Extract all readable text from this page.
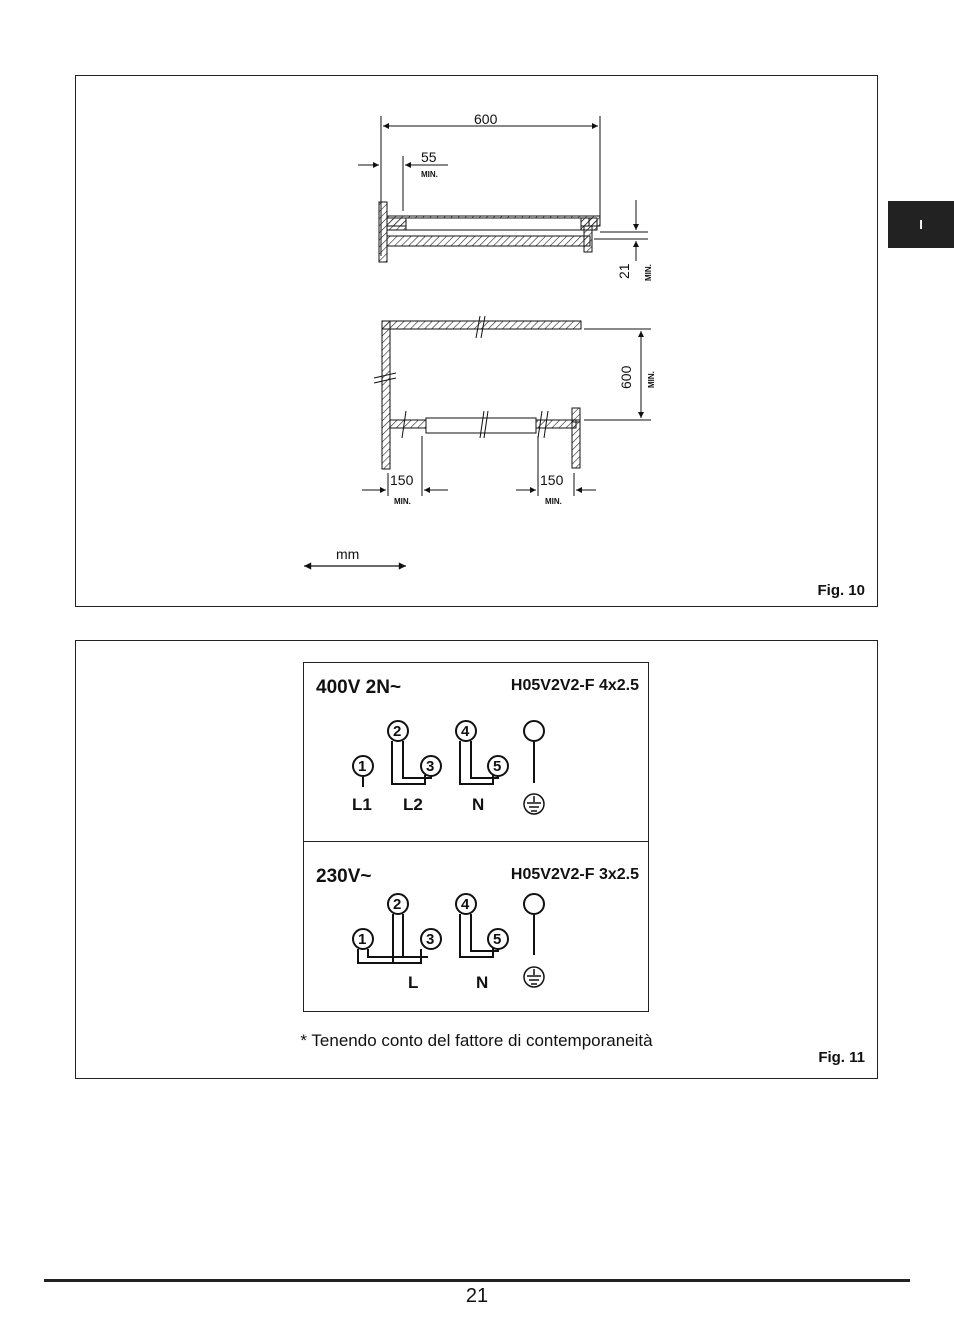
I
600
55
MIN.
21 MIN.
600 MIN.
150
MIN.
150
MIN.
mm
Fig. 10
400V 2N~	H05V2V2-F 4x2.5
1
2
3
4
5
L1 L2	N
230V~	H05V2V2-F 3x2.5
1
2
3
4
5
L	N
* Tenendo conto del fattore di contemporaneità
Fig. 11
21
